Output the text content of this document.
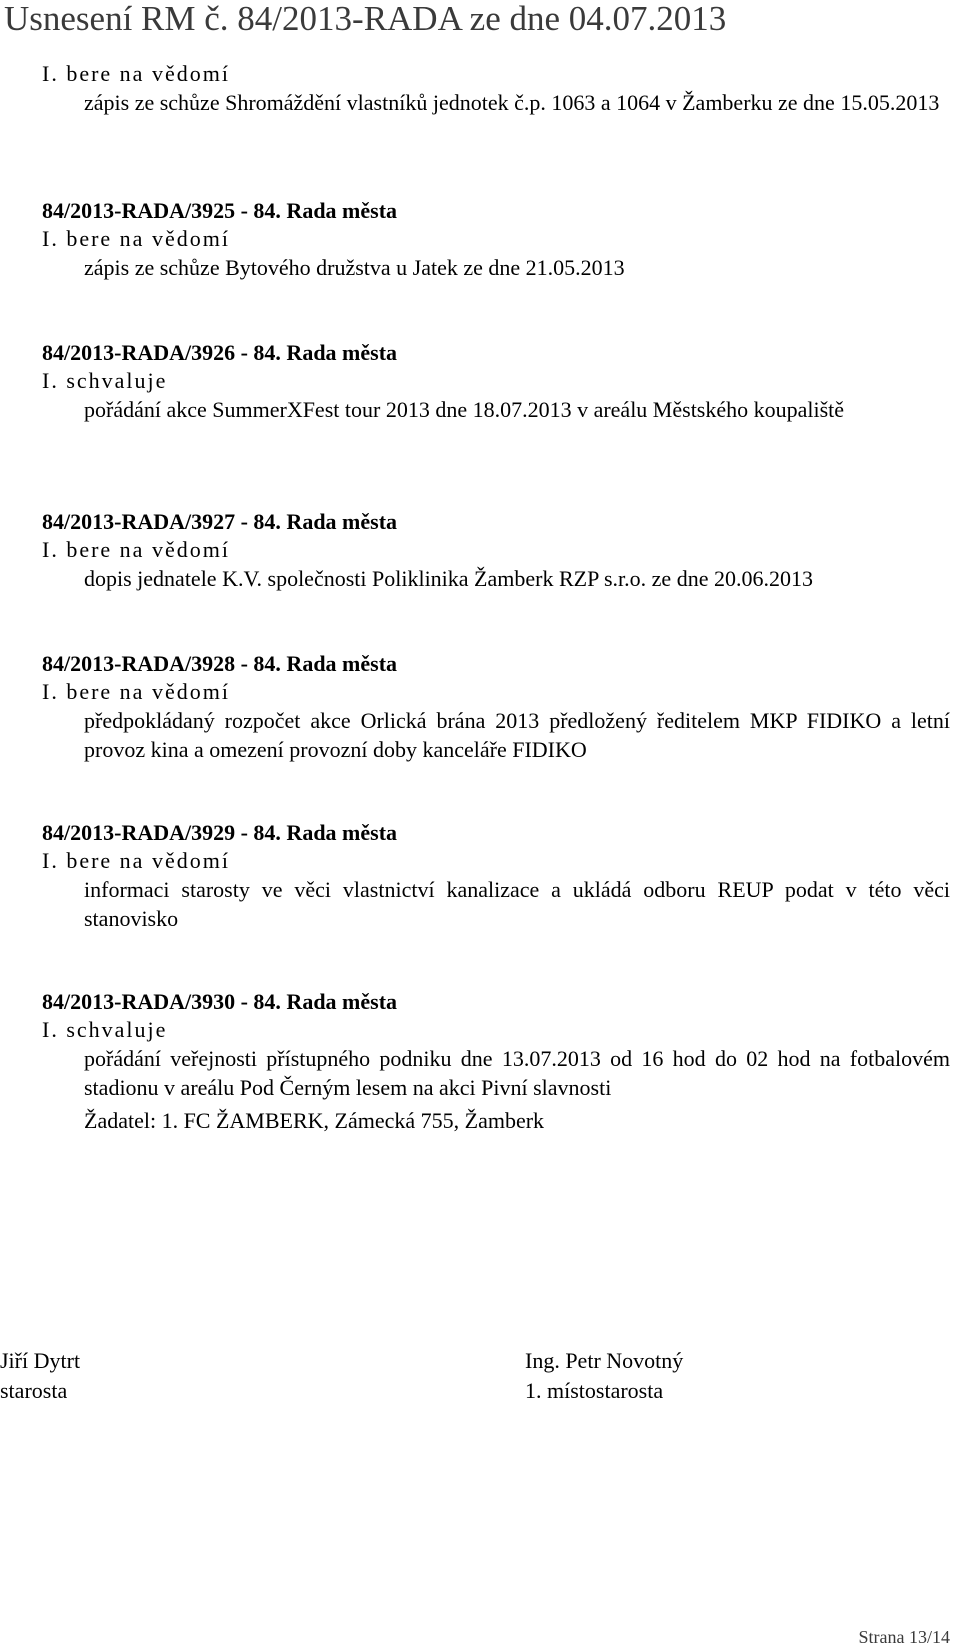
Usnesení RM č. 84/2013-RADA ze dne 04.07.2013
I. bere na vědomí
zápis ze schůze Shromáždění vlastníků jednotek č.p. 1063 a 1064 v Žamberku ze dne 15.05.2013
84/2013-RADA/3925 - 84. Rada města
I. bere na vědomí
zápis ze schůze Bytového družstva u Jatek ze dne 21.05.2013
84/2013-RADA/3926 - 84. Rada města
I. schvaluje
pořádání akce SummerXFest tour 2013 dne 18.07.2013 v areálu Městského koupaliště
84/2013-RADA/3927 - 84. Rada města
I. bere na vědomí
dopis jednatele K.V. společnosti Poliklinika Žamberk RZP s.r.o. ze dne 20.06.2013
84/2013-RADA/3928 - 84. Rada města
I. bere na vědomí
předpokládaný rozpočet akce Orlická brána 2013 předložený ředitelem MKP FIDIKO a letní provoz kina a omezení provozní doby kanceláře FIDIKO
84/2013-RADA/3929 - 84. Rada města
I. bere na vědomí
informaci starosty ve věci vlastnictví kanalizace a ukládá odboru REUP podat v této věci stanovisko
84/2013-RADA/3930 - 84. Rada města
I. schvaluje
pořádání veřejnosti přístupného podniku dne 13.07.2013 od 16 hod do 02 hod na fotbalovém stadionu v areálu Pod Černým lesem na akci Pivní slavnosti
Žadatel: 1. FC ŽAMBERK, Zámecká 755, Žamberk
Jiří Dytrt
starosta
Ing. Petr Novotný
1. místostarosta
Strana 13/14
